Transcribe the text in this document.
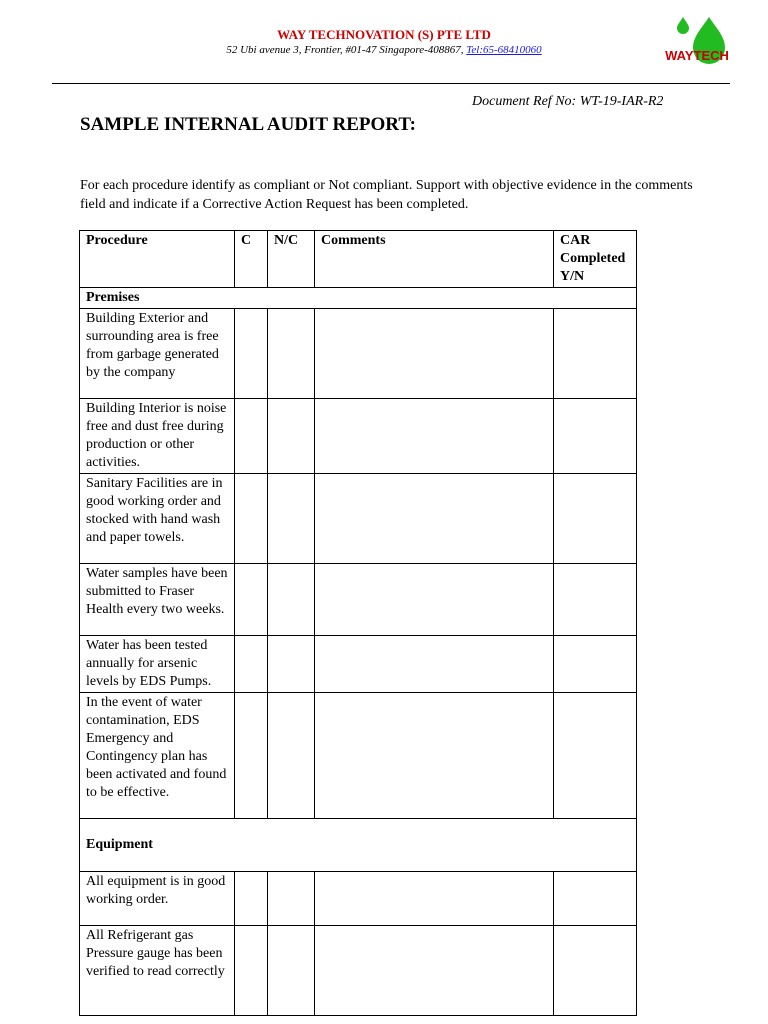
WAY TECHNOVATION (S) PTE LTD
52 Ubi avenue 3, Frontier, #01-47 Singapore-408867, Tel:65-68410060	WAYTECH
Document Ref No: WT-19-IAR-R2
SAMPLE INTERNAL AUDIT REPORT:
For each procedure identify as compliant or Not compliant. Support with objective evidence in the comments field and indicate if a Corrective Action Request has been completed.
Procedure	C	N/C	Comments	CAR Completed Y/N
Premises				
Building Exterior and surrounding area is free from garbage generated by the company				
Building Interior is noise free and dust free during production or other activities.				
Sanitary Facilities are in good working order and stocked with hand wash and paper towels.				
Water samples have been submitted to Fraser Health every two weeks.				
Water has been tested annually for arsenic levels by EDS Pumps.				
In the event of water contamination, EDS Emergency and Contingency plan has been activated and found to be effective.				
Equipment				
All equipment is in good working order.				
All Refrigerant gas Pressure gauge has been verified to read correctly				
